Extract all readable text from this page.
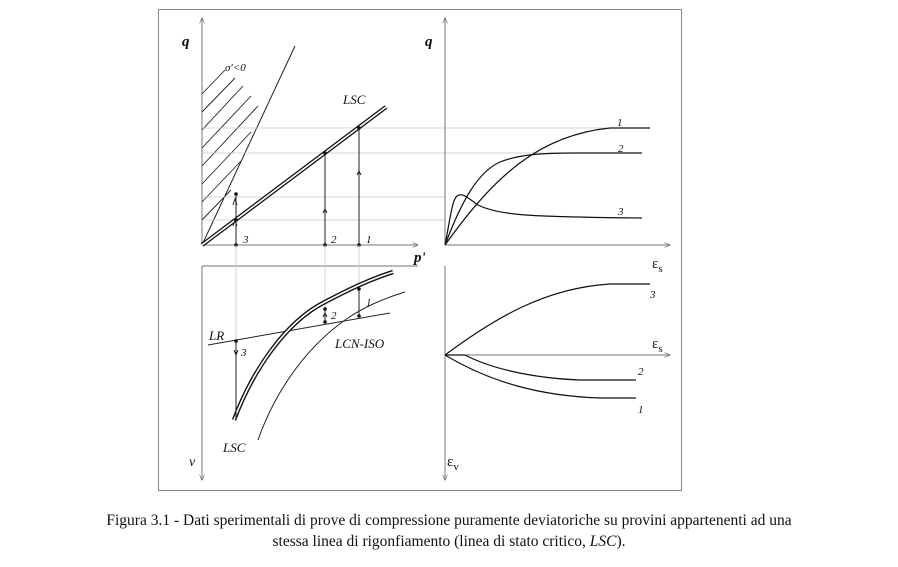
q
p'
σ'<0
LSC
3	2	1
q
$\varepsilon_s$
1
2
3
v
LR
LCN-ISO
LSC
1
2
3
$\varepsilon_v$
$\varepsilon_s$
3
2
1
Figura 3.1 - Dati sperimentali di prove di compressione puramente deviatoriche su provini appartenenti ad una
stessa linea di rigonfiamento (linea di stato critico, LSC).
